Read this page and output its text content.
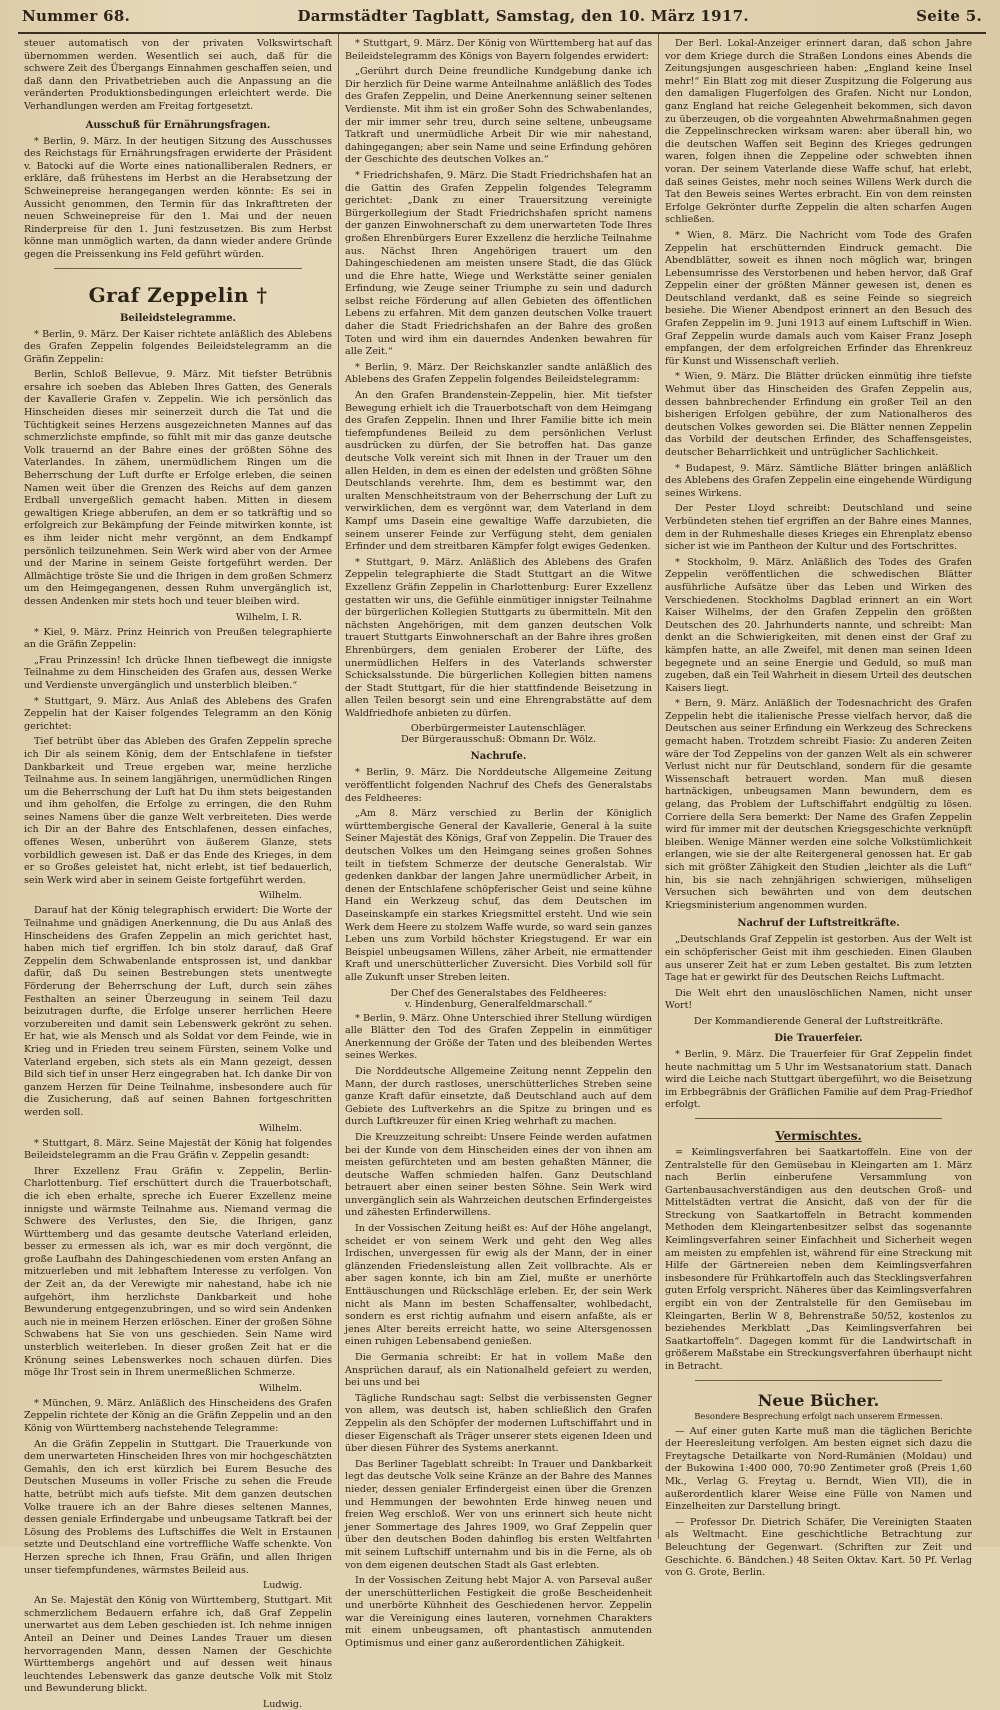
Nummer 68.	Darmstädter Tagblatt, Samstag, den 10. März 1917.	Seite 5.

steuer automatisch von der privaten Volkswirtschaft übernommen werden. Wesentlich sei auch, daß für die schwere Zeit des Übergangs Einnahmen geschaffen seien, und daß dann den Privatbetrieben auch die Anpassung an die veränderten Produktionsbedingungen erleichtert werde. Die Verhandlungen werden am Freitag fortgesetzt.

Ausschuß für Ernährungsfragen.

* Berlin, 9. März. In der heutigen Sitzung des Ausschusses des Reichstags für Ernährungsfragen erwiderte der Präsident v. Batocki auf die Worte eines nationalliberalen Redners, er erkläre, daß frühestens im Herbst an die Herabsetzung der Schweinepreise herangegangen werden könnte: Es sei in Aussicht genommen, den Termin für das Inkrafttreten der neuen Schweinepreise für den 1. Mai und der neuen Rinderpreise für den 1. Juni festzusetzen. Bis zum Herbst könne man unmöglich warten, da dann wieder andere Gründe gegen die Preissenkung ins Feld geführt würden.

Graf Zeppelin †
Beileidstelegramme.

* Berlin, 9. März. Der Kaiser richtete anläßlich des Ablebens des Grafen Zeppelin folgendes Beileidstelegramm an die Gräfin Zeppelin:

Berlin, Schloß Bellevue, 9. März. Mit tiefster Betrübnis ersahre ich soeben das Ableben Ihres Gatten, des Generals der Kavallerie Grafen v. Zeppelin. Wie ich persönlich das Hinscheiden dieses mir seinerzeit durch die Tat und die Tüchtigkeit seines Herzens ausgezeichneten Mannes auf das schmerzlichste empfinde, so fühlt mit mir das ganze deutsche Volk trauernd an der Bahre eines der größten Söhne des Vaterlandes. In zähem, unermüdlichem Ringen um die Beherrschung der Luft durfte er Erfolge erleben, die seinen Namen weit über die Grenzen des Reichs auf dem ganzen Erdball unvergeßlich gemacht haben. Mitten in diesem gewaltigen Kriege abberufen, an dem er so tatkräftig und so erfolgreich zur Bekämpfung der Feinde mitwirken konnte, ist es ihm leider nicht mehr vergönnt, an dem Endkampf persönlich teilzunehmen. Sein Werk wird aber von der Armee und der Marine in seinem Geiste fortgeführt werden. Der Allmächtige tröste Sie und die Ihrigen in dem großen Schmerz um den Heimgegangenen, dessen Ruhm unvergänglich ist, dessen Andenken mir stets hoch und teuer bleiben wird.

Wilhelm, I. R.

* Kiel, 9. März. Prinz Heinrich von Preußen telegraphierte an die Gräfin Zeppelin:

„Frau Prinzessin! Ich drücke Ihnen tiefbewegt die innigste Teilnahme zu dem Hinscheiden des Grafen aus, dessen Werke und Verdienste unvergänglich und unsterblich bleiben.“

* Stuttgart, 9. März. Aus Anlaß des Ablebens des Grafen Zeppelin hat der Kaiser folgendes Telegramm an den König gerichtet:

Tief betrübt über das Ableben des Grafen Zeppelin spreche ich Dir als seinem König, dem der Entschlafene in tiefster Dankbarkeit und Treue ergeben war, meine herzliche Teilnahme aus. In seinem langjährigen, unermüdlichen Ringen um die Beherrschung der Luft hat Du ihm stets beigestanden und ihm geholfen, die Erfolge zu erringen, die den Ruhm seines Namens über die ganze Welt verbreiteten. Dies werde ich Dir an der Bahre des Entschlafenen, dessen einfaches, offenes Wesen, unberührt von äußerem Glanze, stets vorbildlich gewesen ist. Daß er das Ende des Krieges, in dem er so Großes geleistet hat, nicht erlebt, ist tief bedauerlich, sein Werk wird aber in seinem Geiste fortgeführt werden.

Wilhelm.

Darauf hat der König telegraphisch erwidert: Die Worte der Teilnahme und gnädigen Anerkennung, die Du aus Anlaß des Hinscheidens des Grafen Zeppelin an mich gerichtet hast, haben mich tief ergriffen. Ich bin stolz darauf, daß Graf Zeppelin dem Schwabenlande entsprossen ist, und dankbar dafür, daß Du seinen Bestrebungen stets unentwegte Förderung der Beherrschung der Luft, durch sein zähes Festhalten an seiner Überzeugung in seinem Teil dazu beizutragen durfte, die Erfolge unserer herrlichen Heere vorzubereiten und damit sein Lebenswerk gekrönt zu sehen. Er hat, wie als Mensch und als Soldat vor dem Feinde, wie in Krieg und in Frieden treu seinem Fürsten, seinem Volke und Vaterland ergeben, sich stets als ein Mann gezeigt, dessen Bild sich tief in unser Herz eingegraben hat. Ich danke Dir von ganzem Herzen für Deine Teilnahme, insbesondere auch für die Zusicherung, daß auf seinen Bahnen fortgeschritten werden soll.

Wilhelm.

* Stuttgart, 8. März. Seine Majestät der König hat folgendes Beileidstelegramm an die Frau Gräfin v. Zeppelin gesandt:

Ihrer Exzellenz Frau Gräfin v. Zeppelin, Berlin-Charlottenburg. Tief erschüttert durch die Trauerbotschaft, die ich eben erhalte, spreche ich Euerer Exzellenz meine innigste und wärmste Teilnahme aus. Niemand vermag die Schwere des Verlustes, den Sie, die Ihrigen, ganz Württemberg und das gesamte deutsche Vaterland erleiden, besser zu ermessen als ich, war es mir doch vergönnt, die große Laufbahn des Dahingeschiedenen vom ersten Anfang an mitzuerleben und mit lebhaftem Interesse zu verfolgen. Von der Zeit an, da der Verewigte mir nahestand, habe ich nie aufgehört, ihm herzlichste Dankbarkeit und hohe Bewunderung entgegenzubringen, und so wird sein Andenken auch nie in meinem Herzen erlöschen. Einer der großen Söhne Schwabens hat Sie von uns geschieden. Sein Name wird unsterblich weiterleben. In dieser großen Zeit hat er die Krönung seines Lebenswerkes noch schauen dürfen. Dies möge Ihr Trost sein in Ihrem unermeßlichen Schmerze.

Wilhelm.

* München, 9. März. Anläßlich des Hinscheidens des Grafen Zeppelin richtete der König an die Gräfin Zeppelin und an den König von Württemberg nachstehende Telegramme:

An die Gräfin Zeppelin in Stuttgart. Die Trauerkunde von dem unerwarteten Hinscheiden Ihres von mir hochgeschätzten Gemahls, den ich erst kürzlich bei Eurem Besuche des Deutschen Museums in voller Frische zu sehen die Freude hatte, betrübt mich aufs tiefste. Mit dem ganzen deutschen Volke trauere ich an der Bahre dieses seltenen Mannes, dessen geniale Erfindergabe und unbeugsame Tatkraft bei der Lösung des Problems des Luftschiffes die Welt in Erstaunen setzte und Deutschland eine vortreffliche Waffe schenkte. Von Herzen spreche ich Ihnen, Frau Gräfin, und allen Ihrigen unser tiefempfundenes, wärmstes Beileid aus.

Ludwig.

An Se. Majestät den König von Württemberg, Stuttgart. Mit schmerzlichem Bedauern erfahre ich, daß Graf Zeppelin unerwartet aus dem Leben geschieden ist. Ich nehme innigen Anteil an Deiner und Deines Landes Trauer um diesen hervorragenden Mann, dessen Namen der Geschichte Württembergs angehört und auf dessen weit hinaus leuchtendes Lebenswerk das ganze deutsche Volk mit Stolz und Bewunderung blickt.

Ludwig.

* Stuttgart, 9. März. Der König von Württemberg hat auf das Beileidstelegramm des Königs von Bayern folgendes erwidert:

„Gerührt durch Deine freundliche Kundgebung danke ich Dir herzlich für Deine warme Anteilnahme anläßlich des Todes des Grafen Zeppelin, und Deine Anerkennung seiner seltenen Verdienste. Mit ihm ist ein großer Sohn des Schwabenlandes, der mir immer sehr treu, durch seine seltene, unbeugsame Tatkraft und unermüdliche Arbeit Dir wie mir nahestand, dahingegangen; aber sein Name und seine Erfindung gehören der Geschichte des deutschen Volkes an.“

* Friedrichshafen, 9. März. Die Stadt Friedrichshafen hat an die Gattin des Grafen Zeppelin folgendes Telegramm gerichtet: „Dank zu einer Trauersitzung vereinigte Bürgerkollegium der Stadt Friedrichshafen spricht namens der ganzen Einwohnerschaft zu dem unerwarteten Tode Ihres großen Ehrenbürgers Eurer Exzellenz die herzliche Teilnahme aus. Nächst Ihren Angehörigen trauert um den Dahingeschiedenen am meisten unsere Stadt, die das Glück und die Ehre hatte, Wiege und Werkstätte seiner genialen Erfindung, wie Zeuge seiner Triumphe zu sein und dadurch selbst reiche Förderung auf allen Gebieten des öffentlichen Lebens zu erfahren. Mit dem ganzen deutschen Volke trauert daher die Stadt Friedrichshafen an der Bahre des großen Toten und wird ihm ein dauerndes Andenken bewahren für alle Zeit.“

* Berlin, 9. März. Der Reichskanzler sandte anläßlich des Ablebens des Grafen Zeppelin folgendes Beileidstelegramm:

An den Grafen Brandenstein-Zeppelin, hier. Mit tiefster Bewegung erhielt ich die Trauerbotschaft von dem Heimgang des Grafen Zeppelin. Ihnen und Ihrer Familie bitte ich mein tiefempfundenes Beileid zu dem persönlichen Verlust ausdrücken zu dürfen, der Sie betroffen hat. Das ganze deutsche Volk vereint sich mit Ihnen in der Trauer um den allen Helden, in dem es einen der edelsten und größten Söhne Deutschlands verehrte. Ihm, dem es bestimmt war, den uralten Menschheitstraum von der Beherrschung der Luft zu verwirklichen, dem es vergönnt war, dem Vaterland in dem Kampf ums Dasein eine gewaltige Waffe darzubieten, die seinem unserer Feinde zur Verfügung steht, dem genialen Erfinder und dem streitbaren Kämpfer folgt ewiges Gedenken.

* Stuttgart, 9. März. Anläßlich des Ablebens des Grafen Zeppelin telegraphierte die Stadt Stuttgart an die Witwe Exzellenz Gräfin Zeppelin in Charlottenburg: Eurer Exzellenz gestatten wir uns, die Gefühle einmütiger innigster Teilnahme der bürgerlichen Kollegien Stuttgarts zu übermitteln. Mit den nächsten Angehörigen, mit dem ganzen deutschen Volk trauert Stuttgarts Einwohnerschaft an der Bahre ihres großen Ehrenbürgers, dem genialen Eroberer der Lüfte, des unermüdlichen Helfers in des Vaterlands schwerster Schicksalsstunde. Die bürgerlichen Kollegien bitten namens der Stadt Stuttgart, für die hier stattfindende Beisetzung in allen Teilen besorgt sein und eine Ehrengrabstätte auf dem Waldfriedhofe anbieten zu dürfen.

Oberbürgermeister Lautenschläger.
Der Bürgerausschuß: Obmann Dr. Wölz.
Nachrufe.

* Berlin, 9. März. Die Norddeutsche Allgemeine Zeitung veröffentlicht folgenden Nachruf des Chefs des Generalstabs des Feldheeres:

„Am 8. März verschied zu Berlin der Königlich württembergische General der Kavallerie, General à la suite Seiner Majestät des Königs, Graf von Zeppelin. Die Trauer des deutschen Volkes um den Heimgang seines großen Sohnes teilt in tiefstem Schmerze der deutsche Generalstab. Wir gedenken dankbar der langen Jahre unermüdlicher Arbeit, in denen der Entschlafene schöpferischer Geist und seine kühne Hand ein Werkzeug schuf, das dem Deutschen im Daseinskampfe ein starkes Kriegsmittel ersteht. Und wie sein Werk dem Heere zu stolzem Waffe wurde, so ward sein ganzes Leben uns zum Vorbild höchster Kriegstugend. Er war ein Beispiel unbeugsamen Willens, zäher Arbeit, nie ermattender Kraft und unerschütterlicher Zuversicht. Dies Vorbild soll für alle Zukunft unser Streben leiten.

Der Chef des Generalstabes des Feldheeres:
v. Hindenburg, Generalfeldmarschall.“

* Berlin, 9. März. Ohne Unterschied ihrer Stellung würdigen alle Blätter den Tod des Grafen Zeppelin in einmütiger Anerkennung der Größe der Taten und des bleibenden Wertes seines Werkes.

Die Norddeutsche Allgemeine Zeitung nennt Zeppelin den Mann, der durch rastloses, unerschütterliches Streben seine ganze Kraft dafür einsetzte, daß Deutschland auch auf dem Gebiete des Luftverkehrs an die Spitze zu bringen und es durch Luftkreuzer für einen Krieg wehrhaft zu machen.

Die Kreuzzeitung schreibt: Unsere Feinde werden aufatmen bei der Kunde von dem Hinscheiden eines der von ihnen am meisten gefürchteten und am besten gehaßten Männer, die deutsche Waffen schmieden halfen. Ganz Deutschland betrauert aber einen seiner besten Söhne. Sein Werk wird unvergänglich sein als Wahrzeichen deutschen Erfindergeistes und zähesten Erfinderwillens.

In der Vossischen Zeitung heißt es: Auf der Höhe angelangt, scheidet er von seinem Werk und geht den Weg alles Irdischen, unvergessen für ewig als der Mann, der in einer glänzenden Friedensleistung allen Zeit vollbrachte. Als er aber sagen konnte, ich bin am Ziel, mußte er unerhörte Enttäuschungen und Rückschläge erleben. Er, der sein Werk nicht als Mann im besten Schaffensalter, wohlbedacht, sondern es erst richtig aufnahm und eisern anfaßte, als er jenes Alter bereits erreicht hatte, wo seine Altersgenossen einen ruhigen Lebensabend genießen.

Die Germania schreibt: Er hat in vollem Maße den Ansprüchen darauf, als ein Nationalheld gefeiert zu werden, bei uns und bei

Tägliche Rundschau sagt: Selbst die verbissensten Gegner von allem, was deutsch ist, haben schließlich den Grafen Zeppelin als den Schöpfer der modernen Luftschiffahrt und in dieser Eigenschaft als Träger unserer stets eigenen Ideen und über diesen Führer des Systems anerkannt.

Das Berliner Tageblatt schreibt: In Trauer und Dankbarkeit legt das deutsche Volk seine Kränze an der Bahre des Mannes nieder, dessen genialer Erfindergeist einen über die Grenzen und Hemmungen der bewohnten Erde hinweg neuen und freien Weg erschloß. Wer von uns erinnert sich heute nicht jener Sommertage des Jahres 1909, wo Graf Zeppelin quer über den deutschen Boden dahinflog bis ersten Weltfahrten mit seinem Luftschiff unternahm und bis in die Ferne, als ob von dem eigenen deutschen Stadt als Gast erlebten.

In der Vossischen Zeitung hebt Major A. von Parseval außer der unerschütterlichen Festigkeit die große Bescheidenheit und unerbörte Kühnheit des Geschiedenen hervor. Zeppelin war die Vereinigung eines lauteren, vornehmen Charakters mit einem unbeugsamen, oft phantastisch anmutenden Optimismus und einer ganz außerordentlichen Zähigkeit.

Der Berl. Lokal-Anzeiger erinnert daran, daß schon Jahre vor dem Kriege durch die Straßen Londons eines Abends die Zeitungsjungen ausgeschrieen haben: „England keine Insel mehr!“ Ein Blatt zog mit dieser Zuspitzung die Folgerung aus den damaligen Flugerfolgen des Grafen. Nicht nur London, ganz England hat reiche Gelegenheit bekommen, sich davon zu überzeugen, ob die vorgeahnten Abwehrmaßnahmen gegen die Zeppelinschrecken wirksam waren: aber überall hin, wo die deutschen Waffen seit Beginn des Krieges gedrungen waren, folgen ihnen die Zeppeline oder schwebten ihnen voran. Der seinem Vaterlande diese Waffe schuf, hat erlebt, daß seines Geistes, mehr noch seines Willens Werk durch die Tat den Beweis seines Wertes erbracht. Ein von dem reinsten Erfolge Gekrönter durfte Zeppelin die alten scharfen Augen schließen.

* Wien, 8. März. Die Nachricht vom Tode des Grafen Zeppelin hat erschütternden Eindruck gemacht. Die Abendblätter, soweit es ihnen noch möglich war, bringen Lebensumrisse des Verstorbenen und heben hervor, daß Graf Zeppelin einer der größten Männer gewesen ist, denen es Deutschland verdankt, daß es seine Feinde so siegreich besiehe. Die Wiener Abendpost erinnert an den Besuch des Grafen Zeppelin im 9. Juni 1913 auf einem Luftschiff in Wien. Graf Zeppelin wurde damals auch vom Kaiser Franz Joseph empfangen, der dem erfolgreichen Erfinder das Ehrenkreuz für Kunst und Wissenschaft verlieh.

* Wien, 9. März. Die Blätter drücken einmütig ihre tiefste Wehmut über das Hinscheiden des Grafen Zeppelin aus, dessen bahnbrechender Erfindung ein großer Teil an den bisherigen Erfolgen gebühre, der zum Nationalheros des deutschen Volkes geworden sei. Die Blätter nennen Zeppelin das Vorbild der deutschen Erfinder, des Schaffensgeistes, deutscher Beharrlichkeit und untrüglicher Sachlichkeit.

* Budapest, 9. März. Sämtliche Blätter bringen anläßlich des Ablebens des Grafen Zeppelin eine eingehende Würdigung seines Wirkens.

Der Pester Lloyd schreibt: Deutschland und seine Verbündeten stehen tief ergriffen an der Bahre eines Mannes, dem in der Ruhmeshalle dieses Krieges ein Ehrenplatz ebenso sicher ist wie im Pantheon der Kultur und des Fortschrittes.

* Stockholm, 9. März. Anläßlich des Todes des Grafen Zeppelin veröffentlichen die schwedischen Blätter ausführliche Aufsätze über das Leben und Wirken des Verschiedenen. Stockholms Dagblad erinnert an ein Wort Kaiser Wilhelms, der den Grafen Zeppelin den größten Deutschen des 20. Jahrhunderts nannte, und schreibt: Man denkt an die Schwierigkeiten, mit denen einst der Graf zu kämpfen hatte, an alle Zweifel, mit denen man seinen Ideen begegnete und an seine Energie und Geduld, so muß man zugeben, daß ein Teil Wahrheit in diesem Urteil des deutschen Kaisers liegt.

* Bern, 9. März. Anläßlich der Todesnachricht des Grafen Zeppelin hebt die italienische Presse vielfach hervor, daß die Deutschen aus seiner Erfindung ein Werkzeug des Schreckens gemacht haben. Trotzdem schreibt Fiasio: Zu anderen Zeiten wäre der Tod Zeppelins von der ganzen Welt als ein schwerer Verlust nicht nur für Deutschland, sondern für die gesamte Wissenschaft betrauert worden. Man muß diesen hartnäckigen, unbeugsamen Mann bewundern, dem es gelang, das Problem der Luftschiffahrt endgültig zu lösen. Corriere della Sera bemerkt: Der Name des Grafen Zeppelin wird für immer mit der deutschen Kriegsgeschichte verknüpft bleiben. Wenige Männer werden eine solche Volkstümlichkeit erlangen, wie sie der alte Reitergeneral genossen hat. Er gab sich mit größter Zähigkeit den Studien „leichter als die Luft“ hin, bis sie nach zehnjährigen schwierigen, mühseligen Versuchen sich bewährten und von dem deutschen Kriegsministerium angenommen wurden.

Nachruf der Luftstreitkräfte.

„Deutschlands Graf Zeppelin ist gestorben. Aus der Welt ist ein schöpferischer Geist mit ihm geschieden. Einen Glauben aus unserer Zeit hat er zum Leben gestaltet. Bis zum letzten Tage hat er gewirkt für des Deutschen Reichs Luftmacht.

Die Welt ehrt den unauslöschlichen Namen, nicht unser Wort!

Der Kommandierende General der Luftstreitkräfte.
Die Trauerfeier.

* Berlin, 9. März. Die Trauerfeier für Graf Zeppelin findet heute nachmittag um 5 Uhr im Westsanatorium statt. Danach wird die Leiche nach Stuttgart übergeführt, wo die Beisetzung im Erbbegräbnis der Gräflichen Familie auf dem Prag-Friedhof erfolgt.

Vermischtes.

= Keimlingsverfahren bei Saatkartoffeln. Eine von der Zentralstelle für den Gemüsebau in Kleingarten am 1. März nach Berlin einberufene Versammlung von Gartenbausachverständigen aus den deutschen Groß- und Mittelstädten vertrat die Ansicht, daß von der für die Streckung von Saatkartoffeln in Betracht kommenden Methoden dem Kleingartenbesitzer selbst das sogenannte Keimlingsverfahren seiner Einfachheit und Sicherheit wegen am meisten zu empfehlen ist, während für eine Streckung mit Hilfe der Gärtnereien neben dem Keimlingsverfahren insbesondere für Frühkartoffeln auch das Stecklingsverfahren guten Erfolg verspricht. Näheres über das Keimlingsverfahren ergibt ein von der Zentralstelle für den Gemüsebau im Kleingarten, Berlin W 8, Behrenstraße 50/52, kostenlos zu beziehendes Merkblatt „Das Keimlingsverfahren bei Saatkartoffeln“. Dagegen kommt für die Landwirtschaft in größerem Maßstabe ein Streckungsverfahren überhaupt nicht in Betracht.

Neue Bücher.
Besondere Besprechung erfolgt nach unserem Ermessen.

— Auf einer guten Karte muß man die täglichen Berichte der Heeresleitung verfolgen. Am besten eignet sich dazu die Freytagsche Detailkarte von Nord-Rumänien (Moldau) und der Bukowina 1:400 000, 70:90 Zentimeter groß (Preis 1,60 Mk., Verlag G. Freytag u. Berndt, Wien VII), die in außerordentlich klarer Weise eine Fülle von Namen und Einzelheiten zur Darstellung bringt.

— Professor Dr. Dietrich Schäfer, Die Vereinigten Staaten als Weltmacht. Eine geschichtliche Betrachtung zur Beleuchtung der Gegenwart. (Schriften zur Zeit und Geschichte. 6. Bändchen.) 48 Seiten Oktav. Kart. 50 Pf. Verlag von G. Grote, Berlin.
